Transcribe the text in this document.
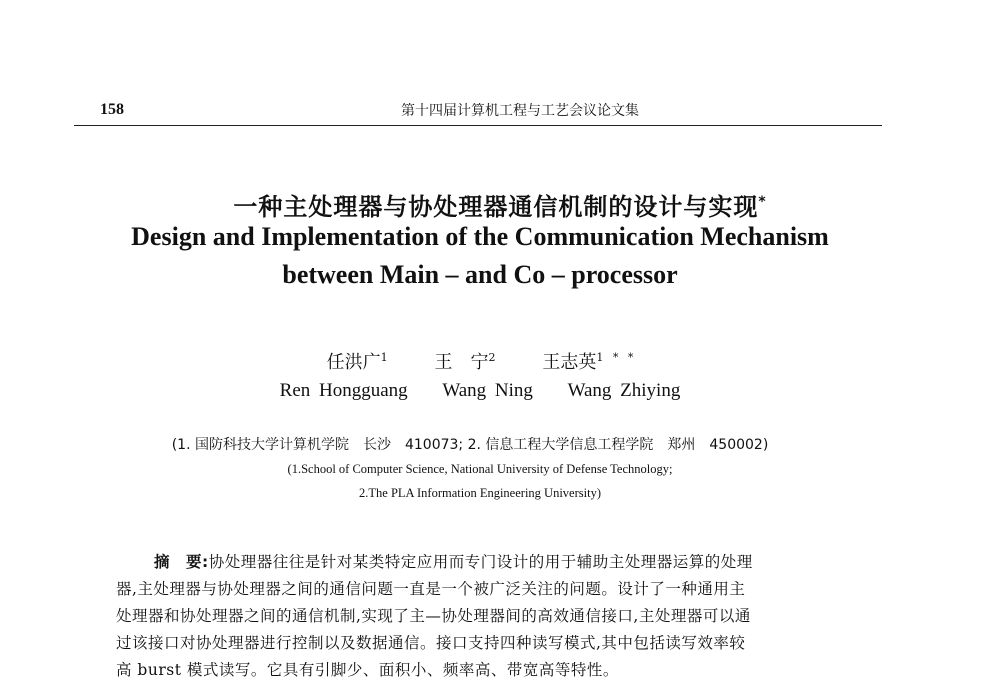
158	第十四届计算机工程与工艺会议论文集
一种主处理器与协处理器通信机制的设计与实现*
Design and Implementation of the Communication Mechanism
between Main – and Co – processor
任洪广$^1$	王　宁$^2$	王志英$^{1 * *}$
Ren Hongguang    Wang Ning    Wang Zhiying
(1. 国防科技大学计算机学院　长沙　410073; 2. 信息工程大学信息工程学院　郑州　450002)
(1.School of Computer Science, National University of Defense Technology;
2.The PLA Information Engineering University)
摘　要:协处理器往往是针对某类特定应用而专门设计的用于辅助主处理器运算的处理
器,主处理器与协处理器之间的通信问题一直是一个被广泛关注的问题。设计了一种通用主
处理器和协处理器之间的通信机制,实现了主—协处理器间的高效通信接口,主处理器可以通
过该接口对协处理器进行控制以及数据通信。接口支持四种读写模式,其中包括读写效率较
高 burst 模式读写。它具有引脚少、面积小、频率高、带宽高等特性。
